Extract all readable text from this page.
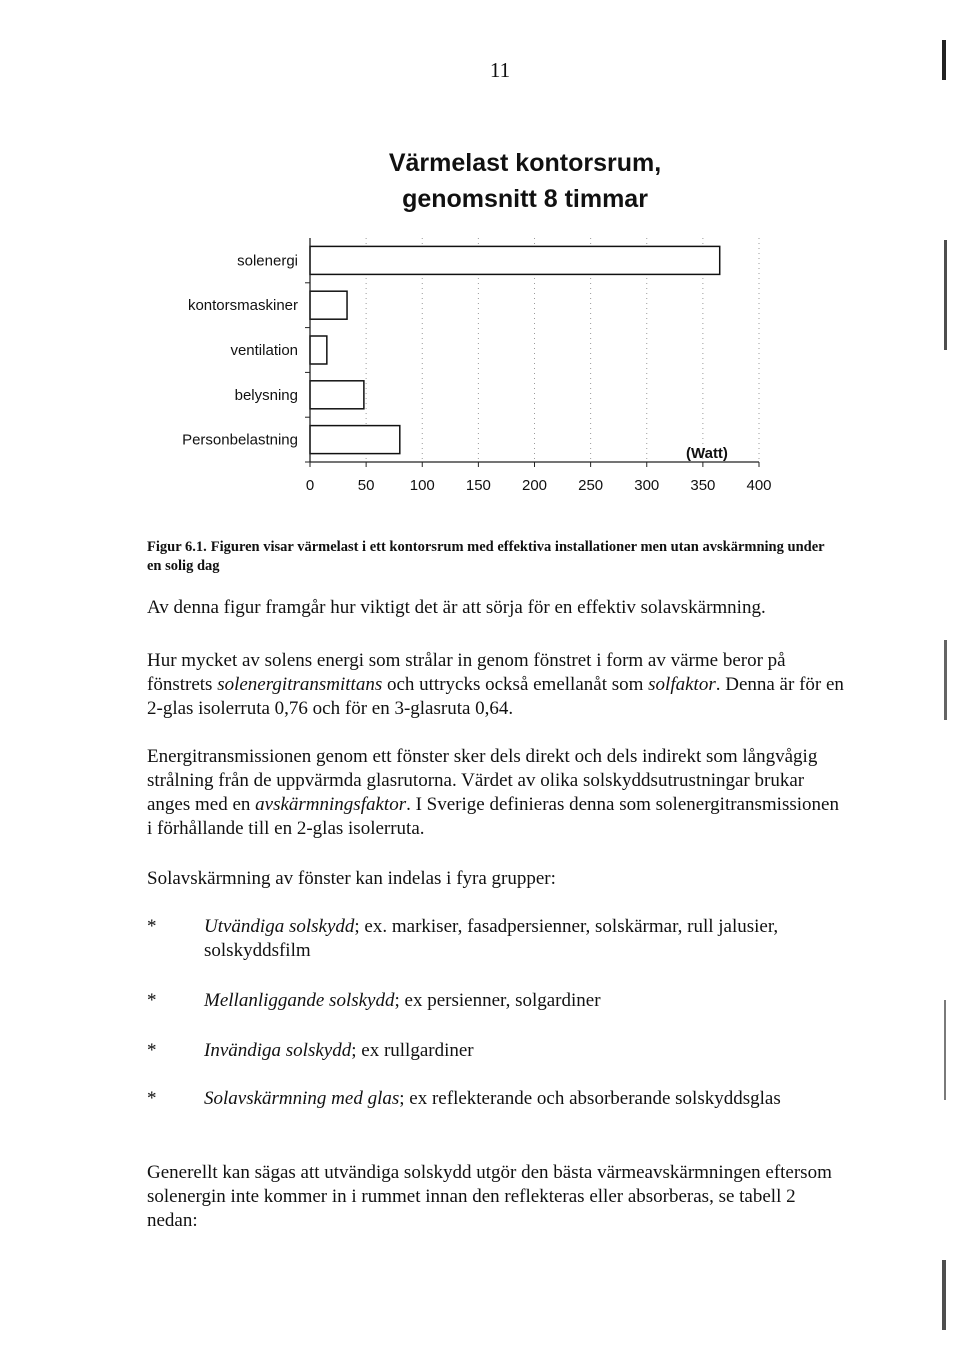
11
Värmelast kontorsrum,
genomsnitt 8 timmar
0	50 100 150 200 250 300 350 400
solenergi
kontorsmaskiner
ventilation
belysning
Personbelastning
(Watt)

Figur 6.1. Figuren visar värmelast i ett kontorsrum med effektiva installationer men utan avskärmning under en solig dag

Av denna figur framgår hur viktigt det är att sörja för en effektiv solavskärmning.

Hur mycket av solens energi som strålar in genom fönstret i form av värme beror på fönstrets solenergitransmittans och uttrycks också emellanåt som solfaktor. Denna är för en 2-glas isolerruta 0,76 och för en 3-glasruta 0,64.

Energitransmissionen genom ett fönster sker dels direkt och dels indirekt som långvågig strålning från de uppvärmda glasrutorna. Värdet av olika solskyddsutrustningar brukar anges med en avskärmningsfaktor. I Sverige definieras denna som solenergitransmissionen i förhållande till en 2-glas isolerruta.

Solavskärmning av fönster kan indelas i fyra grupper:

*	Utvändiga solskydd; ex. markiser, fasadpersienner, solskärmar, rull jalusier, solskyddsfilm
*	Mellanliggande solskydd; ex persienner, solgardiner
*	Invändiga solskydd; ex rullgardiner
*	Solavskärmning med glas; ex reflekterande och absorberande solskyddsglas

Generellt kan sägas att utvändiga solskydd utgör den bästa värmeavskärmningen eftersom solenergin inte kommer in i rummet innan den reflekteras eller absorberas, se tabell 2 nedan:
